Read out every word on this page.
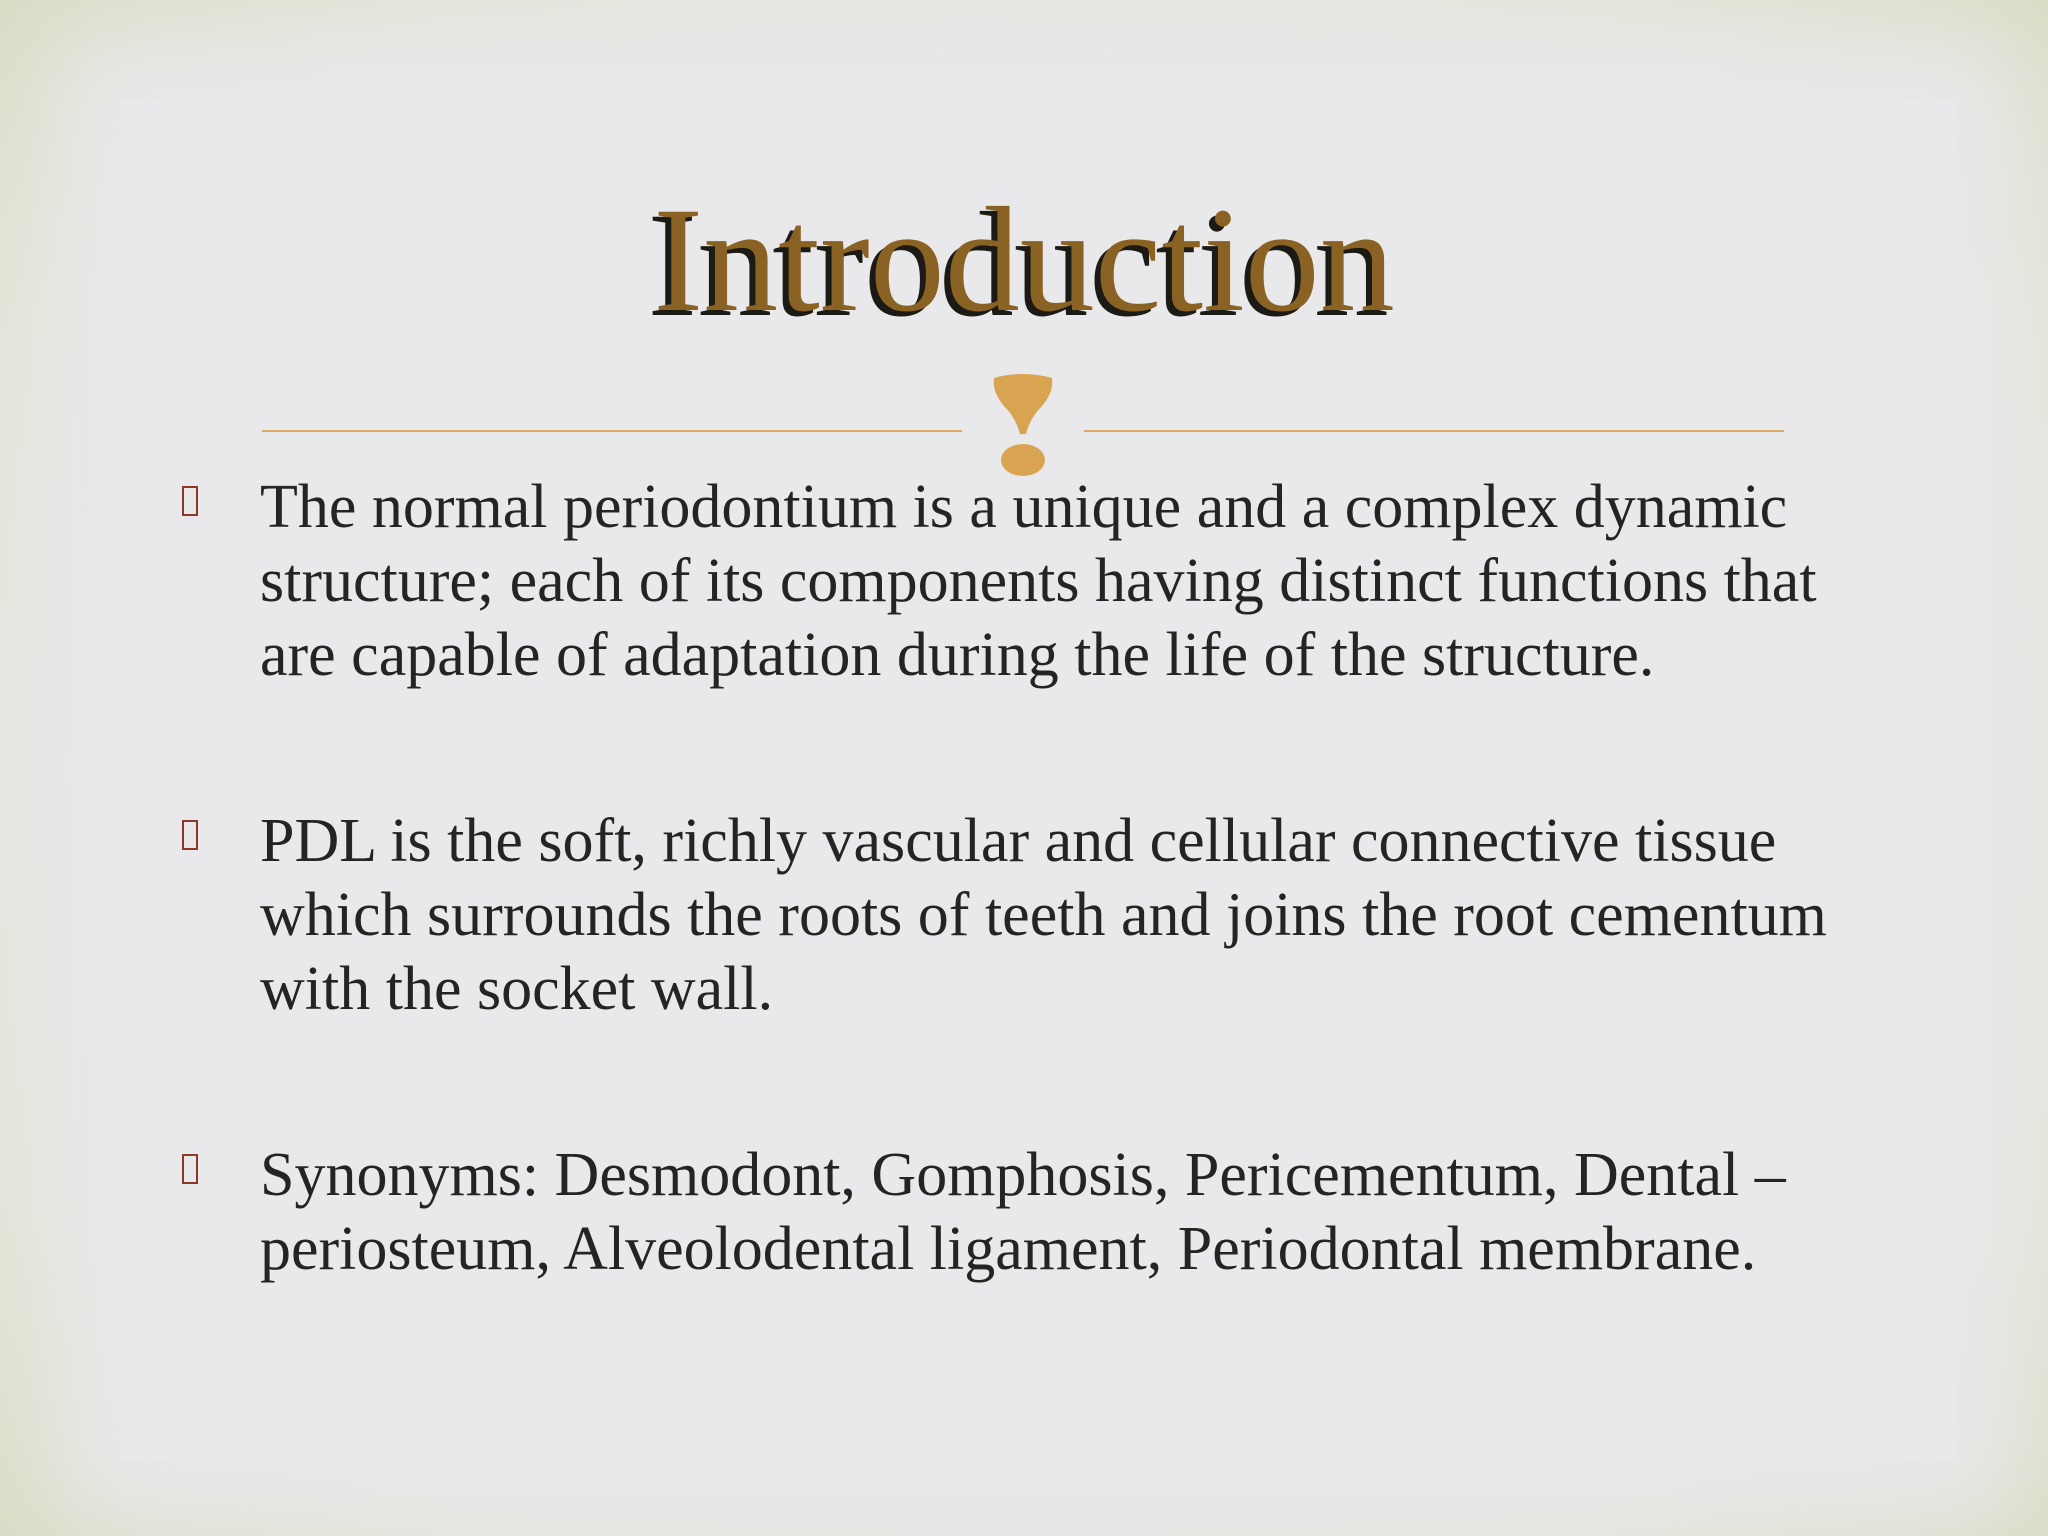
Introduction
The normal periodontium is a unique and a complex dynamic structure; each of its components having distinct functions that are capable of adaptation during the life of the structure.
PDL is the soft, richly vascular and cellular connective tissue which surrounds the roots of teeth and joins the root cementum with the socket wall.
Synonyms: Desmodont, Gomphosis, Pericementum, Dental –periosteum, Alveolodental ligament, Periodontal membrane.
